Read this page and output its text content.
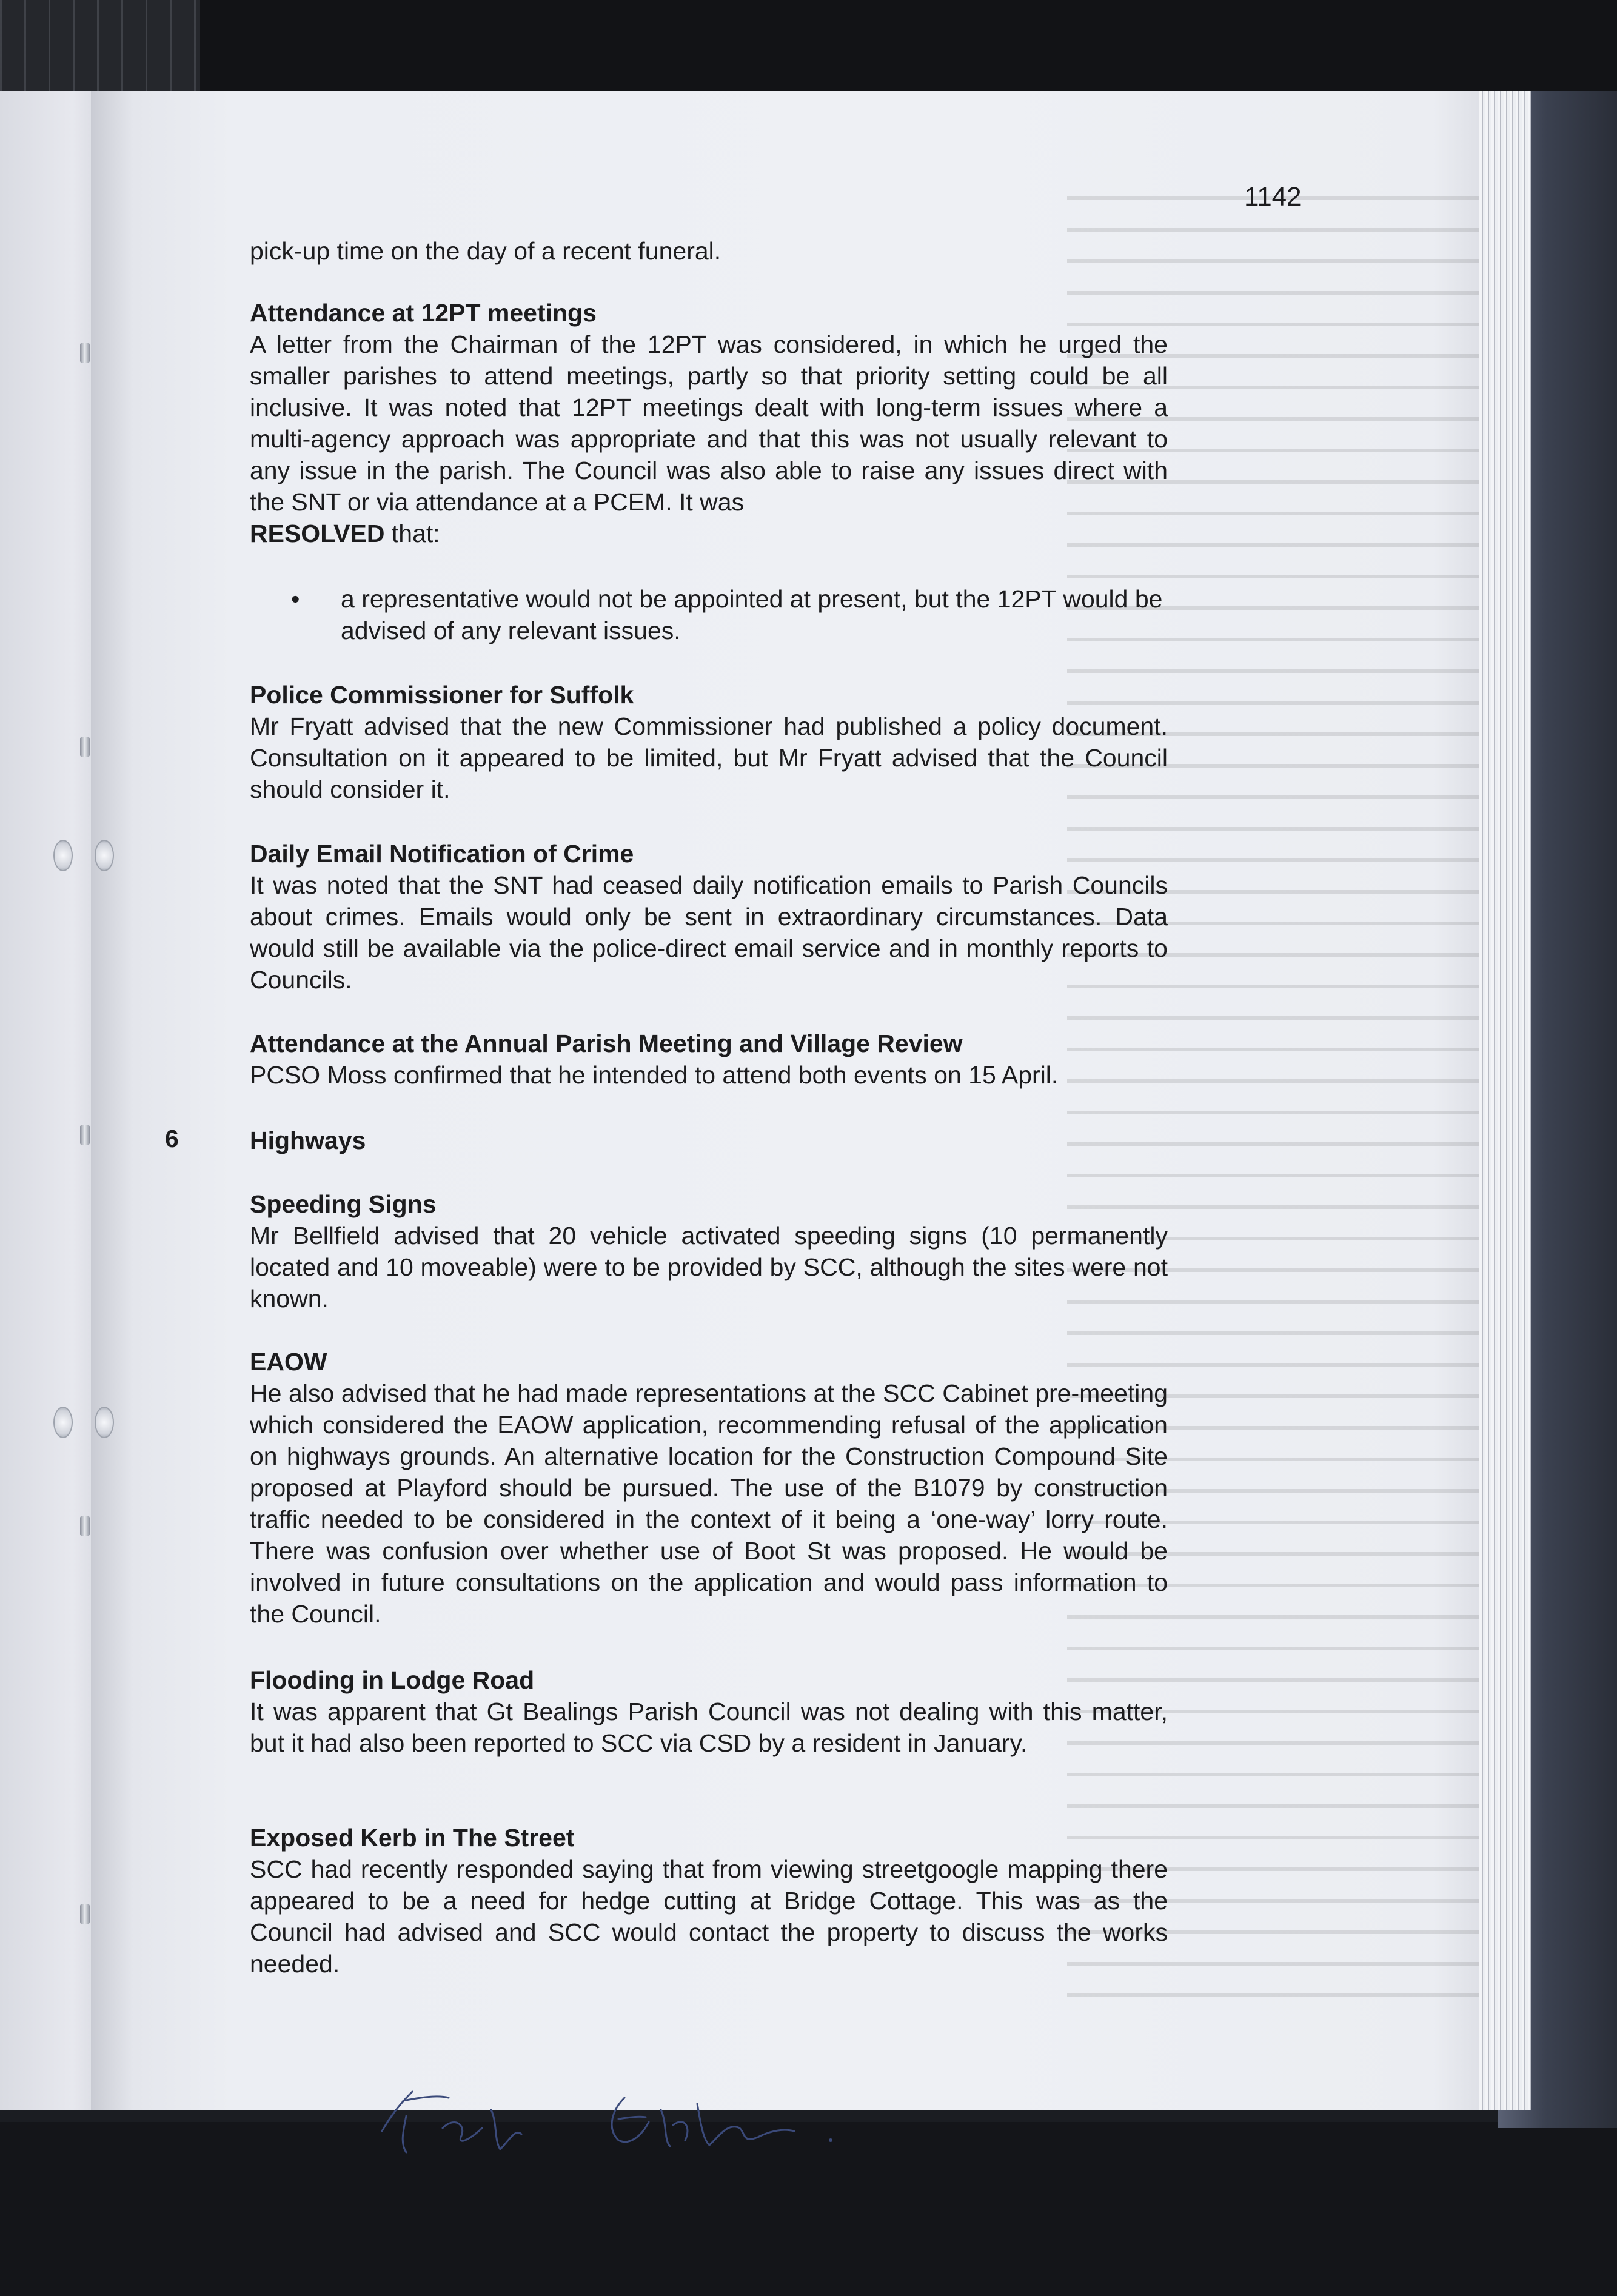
1142

pick-up time on the day of a recent funeral.

Attendance at 12PT meetings

A letter from the Chairman of the 12PT was considered, in which he urged the smaller parishes to attend meetings, partly so that priority setting could be all inclusive. It was noted that 12PT meetings dealt with long-term issues where a multi-agency approach was appropriate and that this was not usually relevant to any issue in the parish. The Council was also able to raise any issues direct with the SNT or via attendance at a PCEM. It was

RESOLVED that:
• a representative would not be appointed at present, but the 12PT would be advised of any relevant issues.
Police Commissioner for Suffolk

Mr Fryatt advised that the new Commissioner had published a policy document. Consultation on it appeared to be limited, but Mr Fryatt advised that the Council should consider it.

Daily Email Notification of Crime

It was noted that the SNT had ceased daily notification emails to Parish Councils about crimes. Emails would only be sent in extraordinary circumstances. Data would still be available via the police-direct email service and in monthly reports to Councils.

Attendance at the Annual Parish Meeting and Village Review

PCSO Moss confirmed that he intended to attend both events on 15 April.

6	Highways
Speeding Signs

Mr Bellfield advised that 20 vehicle activated speeding signs (10 permanently located and 10 moveable) were to be provided by SCC, although the sites were not known.

EAOW

He also advised that he had made representations at the SCC Cabinet pre-meeting which considered the EAOW application, recommending refusal of the application on highways grounds. An alternative location for the Construction Compound Site proposed at Playford should be pursued. The use of the B1079 by construction traffic needed to be considered in the context of it being a ‘one-way’ lorry route. There was confusion over whether use of Boot St was proposed. He would be involved in future consultations on the application and would pass information to the Council.

Flooding in Lodge Road

It was apparent that Gt Bealings Parish Council was not dealing with this matter, but it had also been reported to SCC via CSD by a resident in January.

Exposed Kerb in The Street

SCC had recently responded saying that from viewing streetgoogle mapping there appeared to be a need for hedge cutting at Bridge Cottage. This was as the Council had advised and SCC would contact the property to discuss the works needed.
